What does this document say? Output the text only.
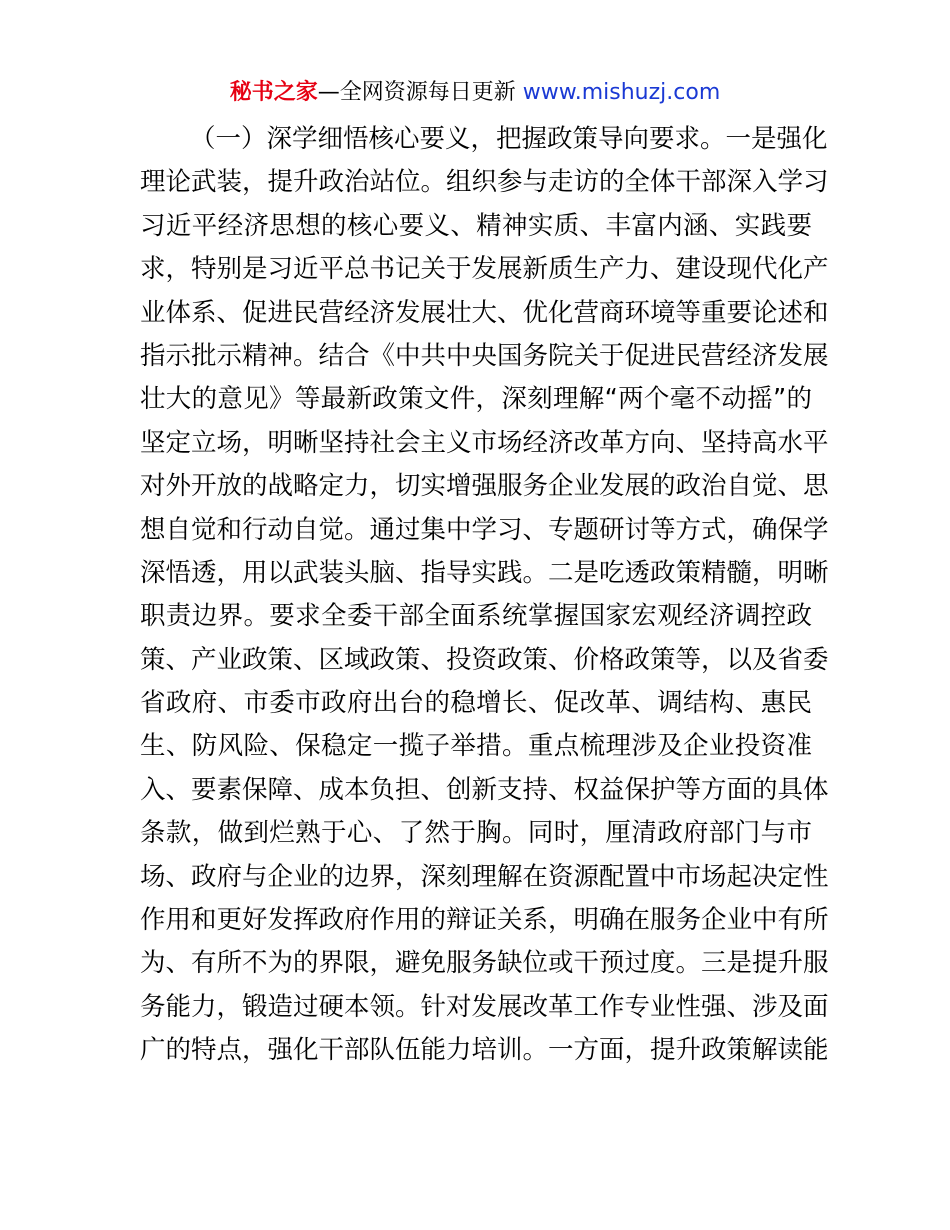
秘书之家—全网资源每日更新 www.mishuzj.com
（一）深学细悟核心要义，把握政策导向要求。一是强化
理论武装，提升政治站位。组织参与走访的全体干部深入学习
习近平经济思想的核心要义、精神实质、丰富内涵、实践要
求，特别是习近平总书记关于发展新质生产力、建设现代化产
业体系、促进民营经济发展壮大、优化营商环境等重要论述和
指示批示精神。结合《中共中央国务院关于促进民营经济发展
壮大的意见》等最新政策文件，深刻理解“两个毫不动摇”的
坚定立场，明晰坚持社会主义市场经济改革方向、坚持高水平
对外开放的战略定力，切实增强服务企业发展的政治自觉、思
想自觉和行动自觉。通过集中学习、专题研讨等方式，确保学
深悟透，用以武装头脑、指导实践。二是吃透政策精髓，明晰
职责边界。要求全委干部全面系统掌握国家宏观经济调控政
策、产业政策、区域政策、投资政策、价格政策等，以及省委
省政府、市委市政府出台的稳增长、促改革、调结构、惠民
生、防风险、保稳定一揽子举措。重点梳理涉及企业投资准
入、要素保障、成本负担、创新支持、权益保护等方面的具体
条款，做到烂熟于心、了然于胸。同时，厘清政府部门与市
场、政府与企业的边界，深刻理解在资源配置中市场起决定性
作用和更好发挥政府作用的辩证关系，明确在服务企业中有所
为、有所不为的界限，避免服务缺位或干预过度。三是提升服
务能力，锻造过硬本领。针对发展改革工作专业性强、涉及面
广的特点，强化干部队伍能力培训。一方面，提升政策解读能
